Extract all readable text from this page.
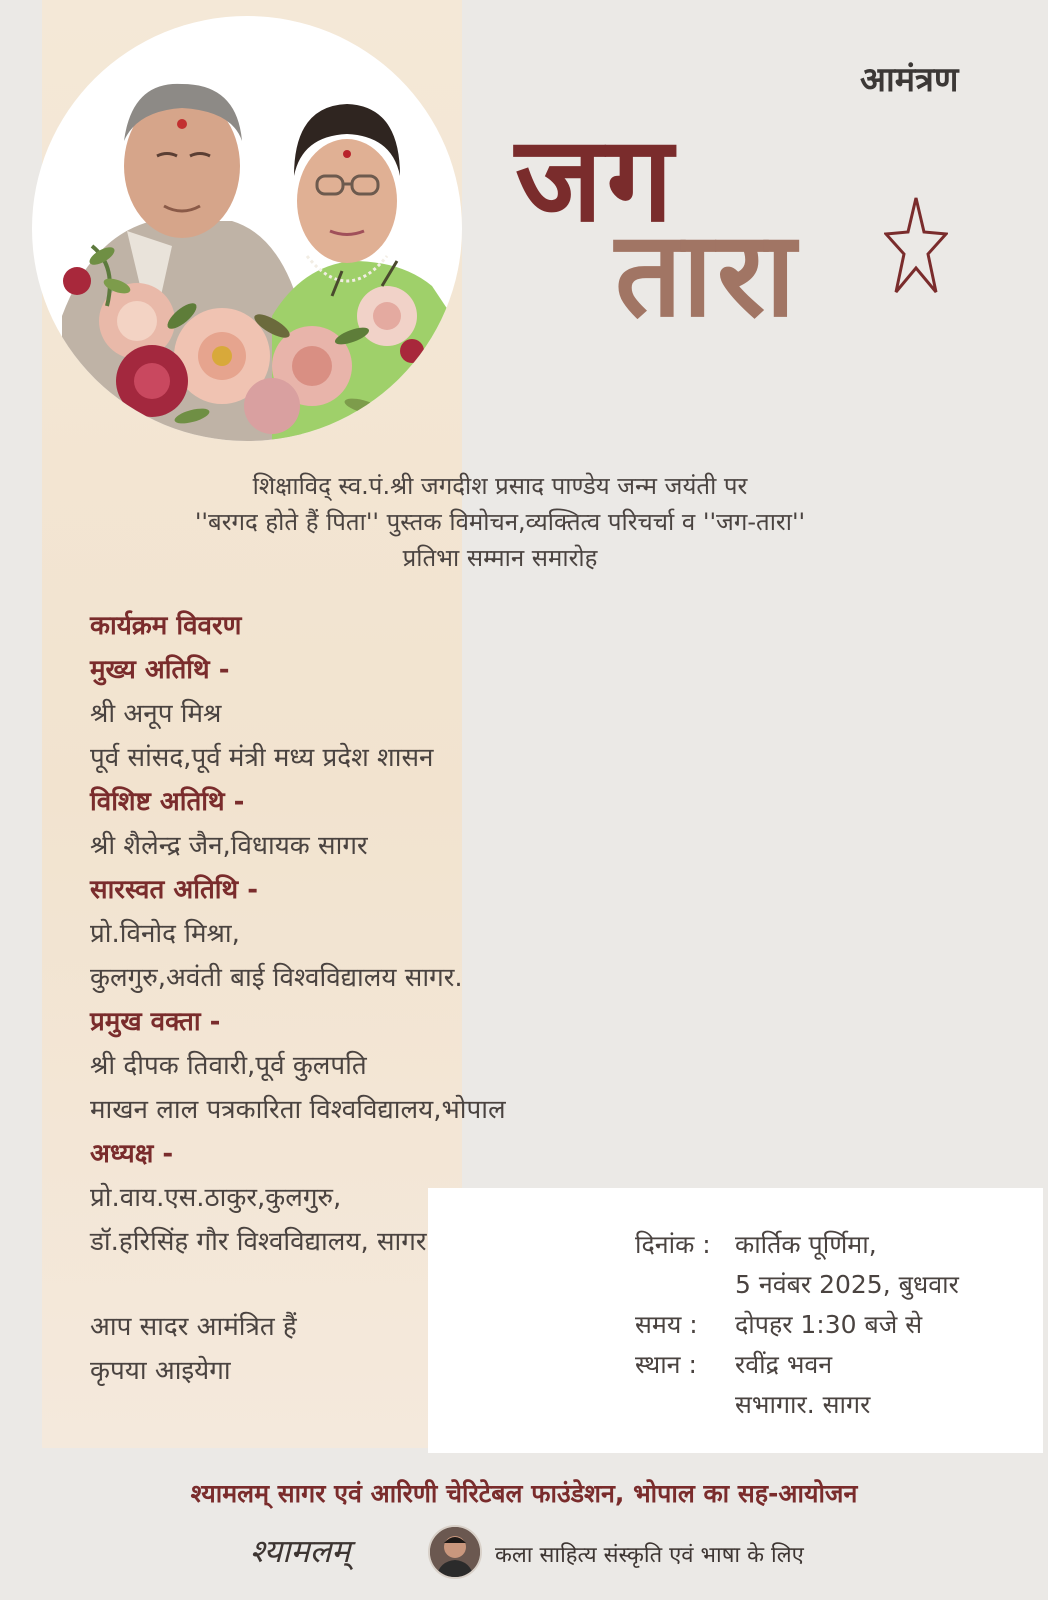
आमंत्रण
जग
तारा
शिक्षाविद् स्व.पं.श्री जगदीश प्रसाद पाण्डेय जन्म जयंती पर
''बरगद होते हैं पिता'' पुस्तक विमोचन,व्यक्तित्व परिचर्चा व ''जग-तारा''
प्रतिभा सम्मान समारोह
कार्यक्रम विवरण
मुख्य अतिथि -
श्री अनूप मिश्र
पूर्व सांसद,पूर्व मंत्री मध्य प्रदेश शासन
विशिष्ट अतिथि -
श्री शैलेन्द्र जैन,विधायक सागर
सारस्वत अतिथि -
प्रो.विनोद मिश्रा,
कुलगुरु,अवंती बाई विश्वविद्यालय सागर.
प्रमुख वक्ता -
श्री दीपक तिवारी,पूर्व कुलपति
माखन लाल पत्रकारिता विश्वविद्यालय,भोपाल
अध्यक्ष -
प्रो.वाय.एस.ठाकुर,कुलगुरु,
डॉ.हरिसिंह गौर विश्वविद्यालय, सागर
आप सादर आमंत्रित हैं
कृपया आइयेगा
दिनांक : कार्तिक पूर्णिमा,
5 नवंबर 2025, बुधवार
समय : दोपहर 1:30 बजे से
स्थान : रवींद्र भवन
सभागार. सागर
श्यामलम् सागर एवं आरिणी चेरिटेबल फाउंडेशन, भोपाल का सह-आयोजन
श्यामलम्	कला साहित्य संस्कृति एवं भाषा के लिए
